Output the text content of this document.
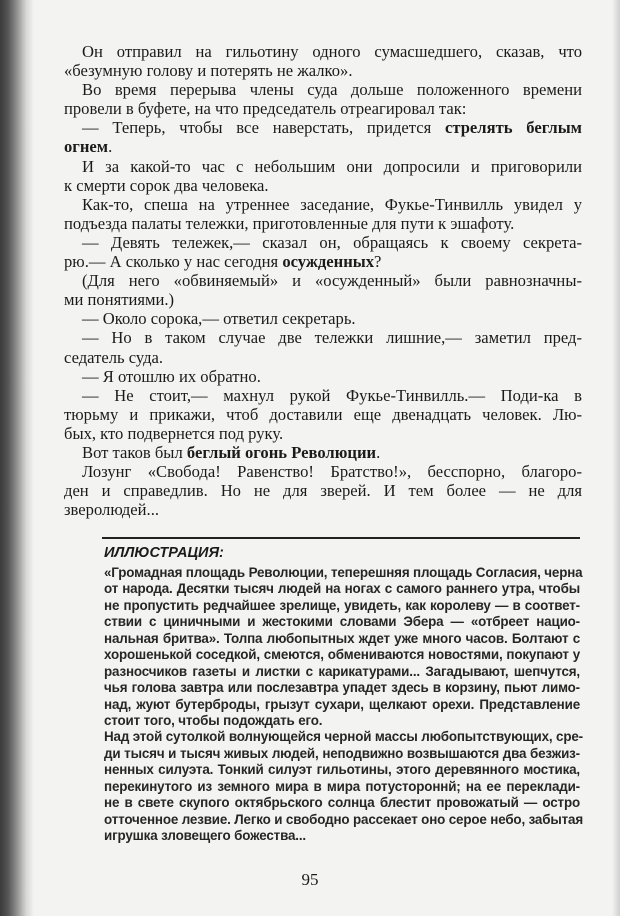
Он отправил на гильотину одного сумасшедшего, сказав, что
«безумную голову и потерять не жалко».
Во время перерыва члены суда дольше положенного времени
провели в буфете, на что председатель отреагировал так:
— Теперь, чтобы все наверстать, придется стрелять беглым
огнем.
И за какой-то час с небольшим они допросили и приговорили
к смерти сорок два человека.
Как-то, спеша на утреннее заседание, Фукье-Тинвилль увидел у
подъезда палаты тележки, приготовленные для пути к эшафоту.
— Девять тележек,— сказал он, обращаясь к своему секрета-
рю.— А сколько у нас сегодня осужденных?
(Для него «обвиняемый» и «осужденный» были равнозначны-
ми понятиями.)
— Около сорока,— ответил секретарь.
— Но в таком случае две тележки лишние,— заметил пред-
седатель суда.
— Я отошлю их обратно.
— Не стоит,— махнул рукой Фукье-Тинвилль.— Поди-ка в
тюрьму и прикажи, чтоб доставили еще двенадцать человек. Лю-
бых, кто подвернется под руку.
Вот таков был беглый огонь Революции.
Лозунг «Свобода! Равенство! Братство!», бесспорно, благоро-
ден и справедлив. Но не для зверей. И тем более — не для
зверолюдей...
ИЛЛЮСТРАЦИЯ:
«Громадная площадь Революции, теперешняя площадь Согласия, черна
от народа. Десятки тысяч людей на ногах с самого раннего утра, чтобы
не пропустить редчайшее зрелище, увидеть, как королеву — в соответ-
ствии с циничными и жестокими словами Эбера — «отбреет нацио-
нальная бритва». Толпа любопытных ждет уже много часов. Болтают с
хорошенькой соседкой, смеются, обмениваются новостями, покупают у
разносчиков газеты и листки с карикатурами... Загадывают, шепчутся,
чья голова завтра или послезавтра упадет здесь в корзину, пьют лимо-
над, жуют бутерброды, грызут сухари, щелкают орехи. Представление
стоит того, чтобы подождать его.
Над этой сутолкой волнующейся черной массы любопытствующих, сре-
ди тысяч и тысяч живых людей, неподвижно возвышаются два безжиз-
ненных силуэта. Тонкий силуэт гильотины, этого деревянного мостика,
перекинутого из земного мира в мира потустороннй; на ее переклади-
не в свете скупого октябрьского солнца блестит провожатый — остро
отточенное лезвие. Легко и свободно рассекает оно серое небо, забытая
игрушка зловещего божества...
95
